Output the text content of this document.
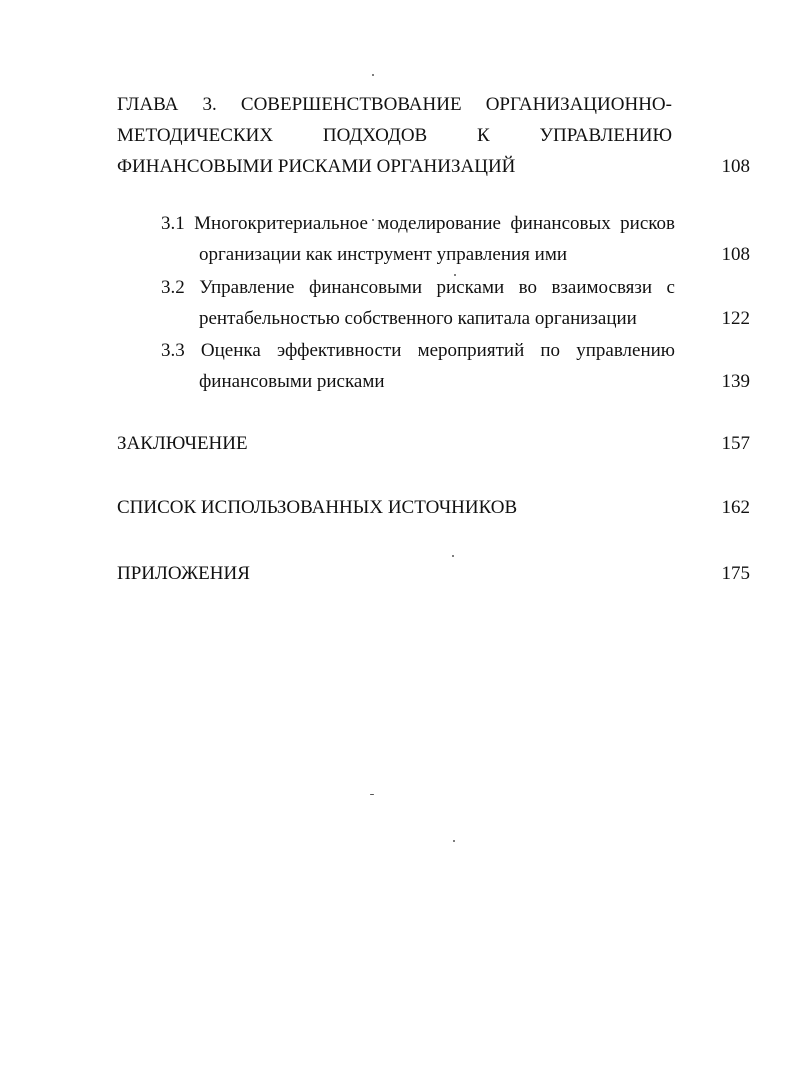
ГЛАВА 3. СОВЕРШЕНСТВОВАНИЕ ОРГАНИЗАЦИОННО-
МЕТОДИЧЕСКИХ	ПОДХОДОВ	К	УПРАВЛЕНИЮ
ФИНАНСОВЫМИ РИСКАМИ ОРГАНИЗАЦИЙ	108
3.1 Многокритериальное моделирование финансовых рисков
организации как инструмент управления ими	108
3.2 Управление финансовыми рисками во взаимосвязи с
рентабельностью собственного капитала организации	122
3.3 Оценка эффективности мероприятий по управлению
финансовыми рисками	139
ЗАКЛЮЧЕНИЕ	157
СПИСОК ИСПОЛЬЗОВАННЫХ ИСТОЧНИКОВ	162
ПРИЛОЖЕНИЯ	175
